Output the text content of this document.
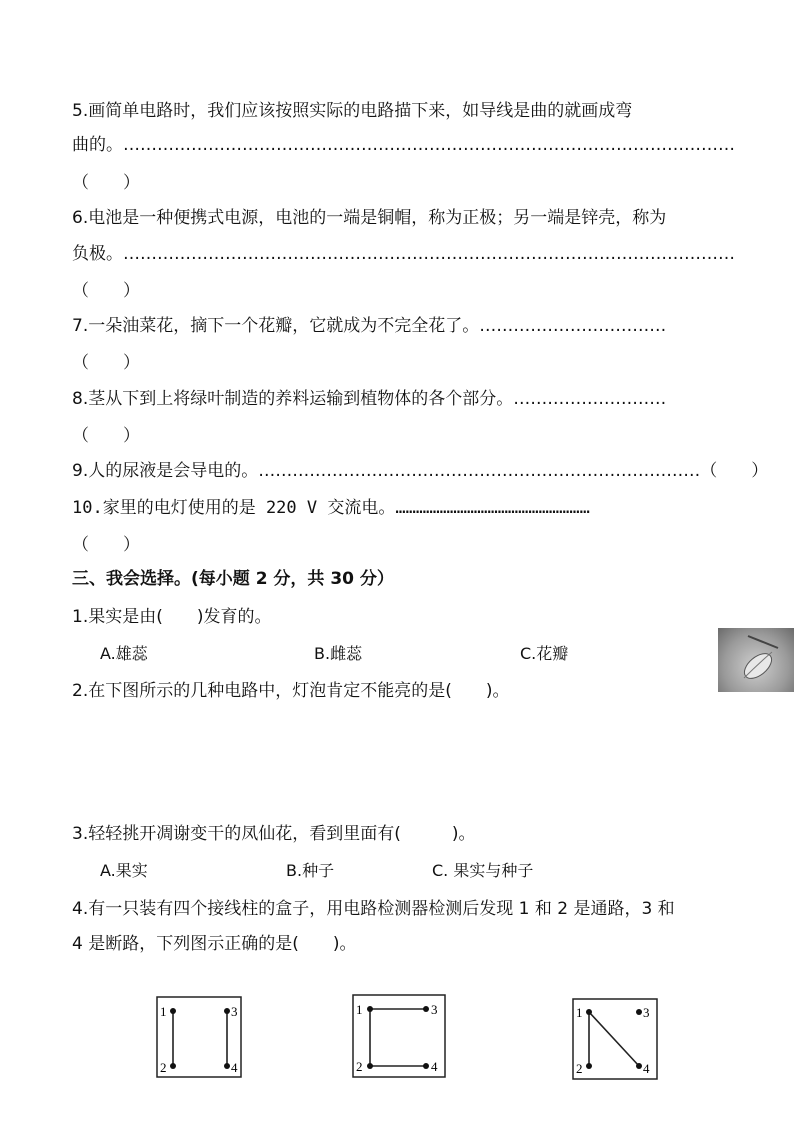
5.画简单电路时，我们应该按照实际的电路描下来，如导线是曲的就画成弯
曲的。………………………………………………………………………………………………
（　　）
6.电池是一种便携式电源，电池的一端是铜帽，称为正极；另一端是锌壳，称为
负极。………………………………………………………………………………………………
（　　）
7.一朵油菜花，摘下一个花瓣，它就成为不完全花了。……………………………
（　　）
8.茎从下到上将绿叶制造的养料运输到植物体的各个部分。………………………
（　　）
9.人的尿液是会导电的。……………………………………………………………………（　　）
10.家里的电灯使用的是 220 V 交流电。…………………………………………………
（　　）
三、我会选择。(每小题 2 分，共 30 分）
1.果实是由(　　)发育的。
A.雄蕊	B.雌蕊	C.花瓣
2.在下图所示的几种电路中，灯泡肯定不能亮的是(　　)。
3.轻轻挑开凋谢变干的凤仙花，看到里面有(　　　)。
A.果实	B.种子	C. 果实与种子
4.有一只装有四个接线柱的盒子，用电路检测器检测后发现 1 和 2 是通路，3 和
4 是断路，下列图示正确的是(　　)。
1
2
3
4
1
2
3
4
1
2
3
4
